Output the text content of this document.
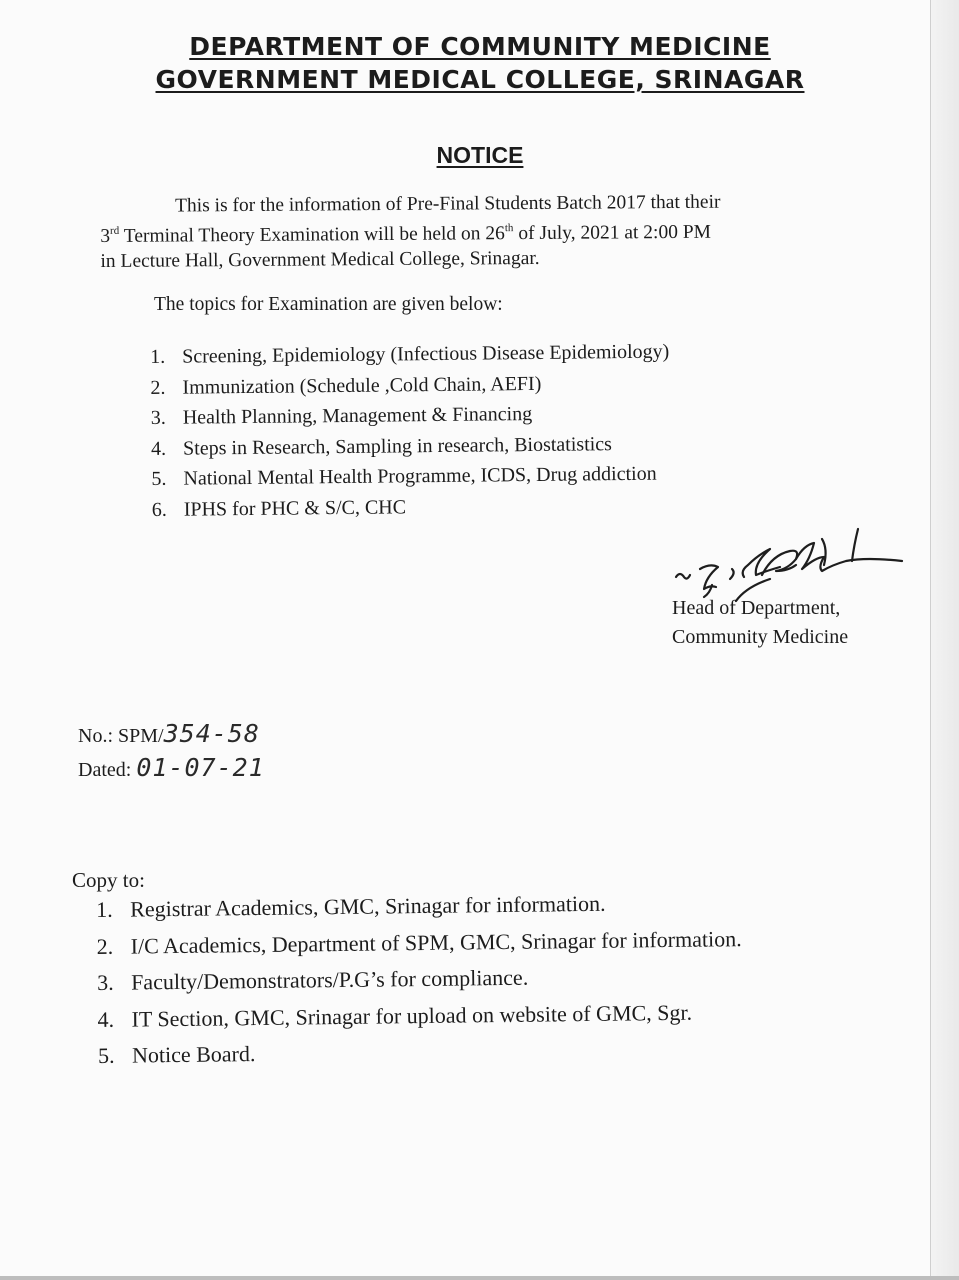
DEPARTMENT OF COMMUNITY MEDICINE
GOVERNMENT MEDICAL COLLEGE, SRINAGAR
NOTICE
This is for the information of Pre-Final Students Batch 2017 that their
3rd Terminal Theory Examination will be held on 26th of July, 2021 at 2:00 PM
in Lecture Hall, Government Medical College, Srinagar.
The topics for Examination are given below:
1. Screening, Epidemiology (Infectious Disease Epidemiology)
2. Immunization (Schedule ,Cold Chain, AEFI)
3. Health Planning, Management & Financing
4. Steps in Research, Sampling in research, Biostatistics
5. National Mental Health Programme, ICDS, Drug addiction
6. IPHS for PHC & S/C, CHC
Head of Department,
Community Medicine
No.: SPM/354-58
Dated: 01-07-21
Copy to:
1. Registrar Academics, GMC, Srinagar for information.
2. I/C Academics, Department of SPM, GMC, Srinagar for information.
3. Faculty/Demonstrators/P.G’s for compliance.
4. IT Section, GMC, Srinagar for upload on website of GMC, Sgr.
5. Notice Board.
